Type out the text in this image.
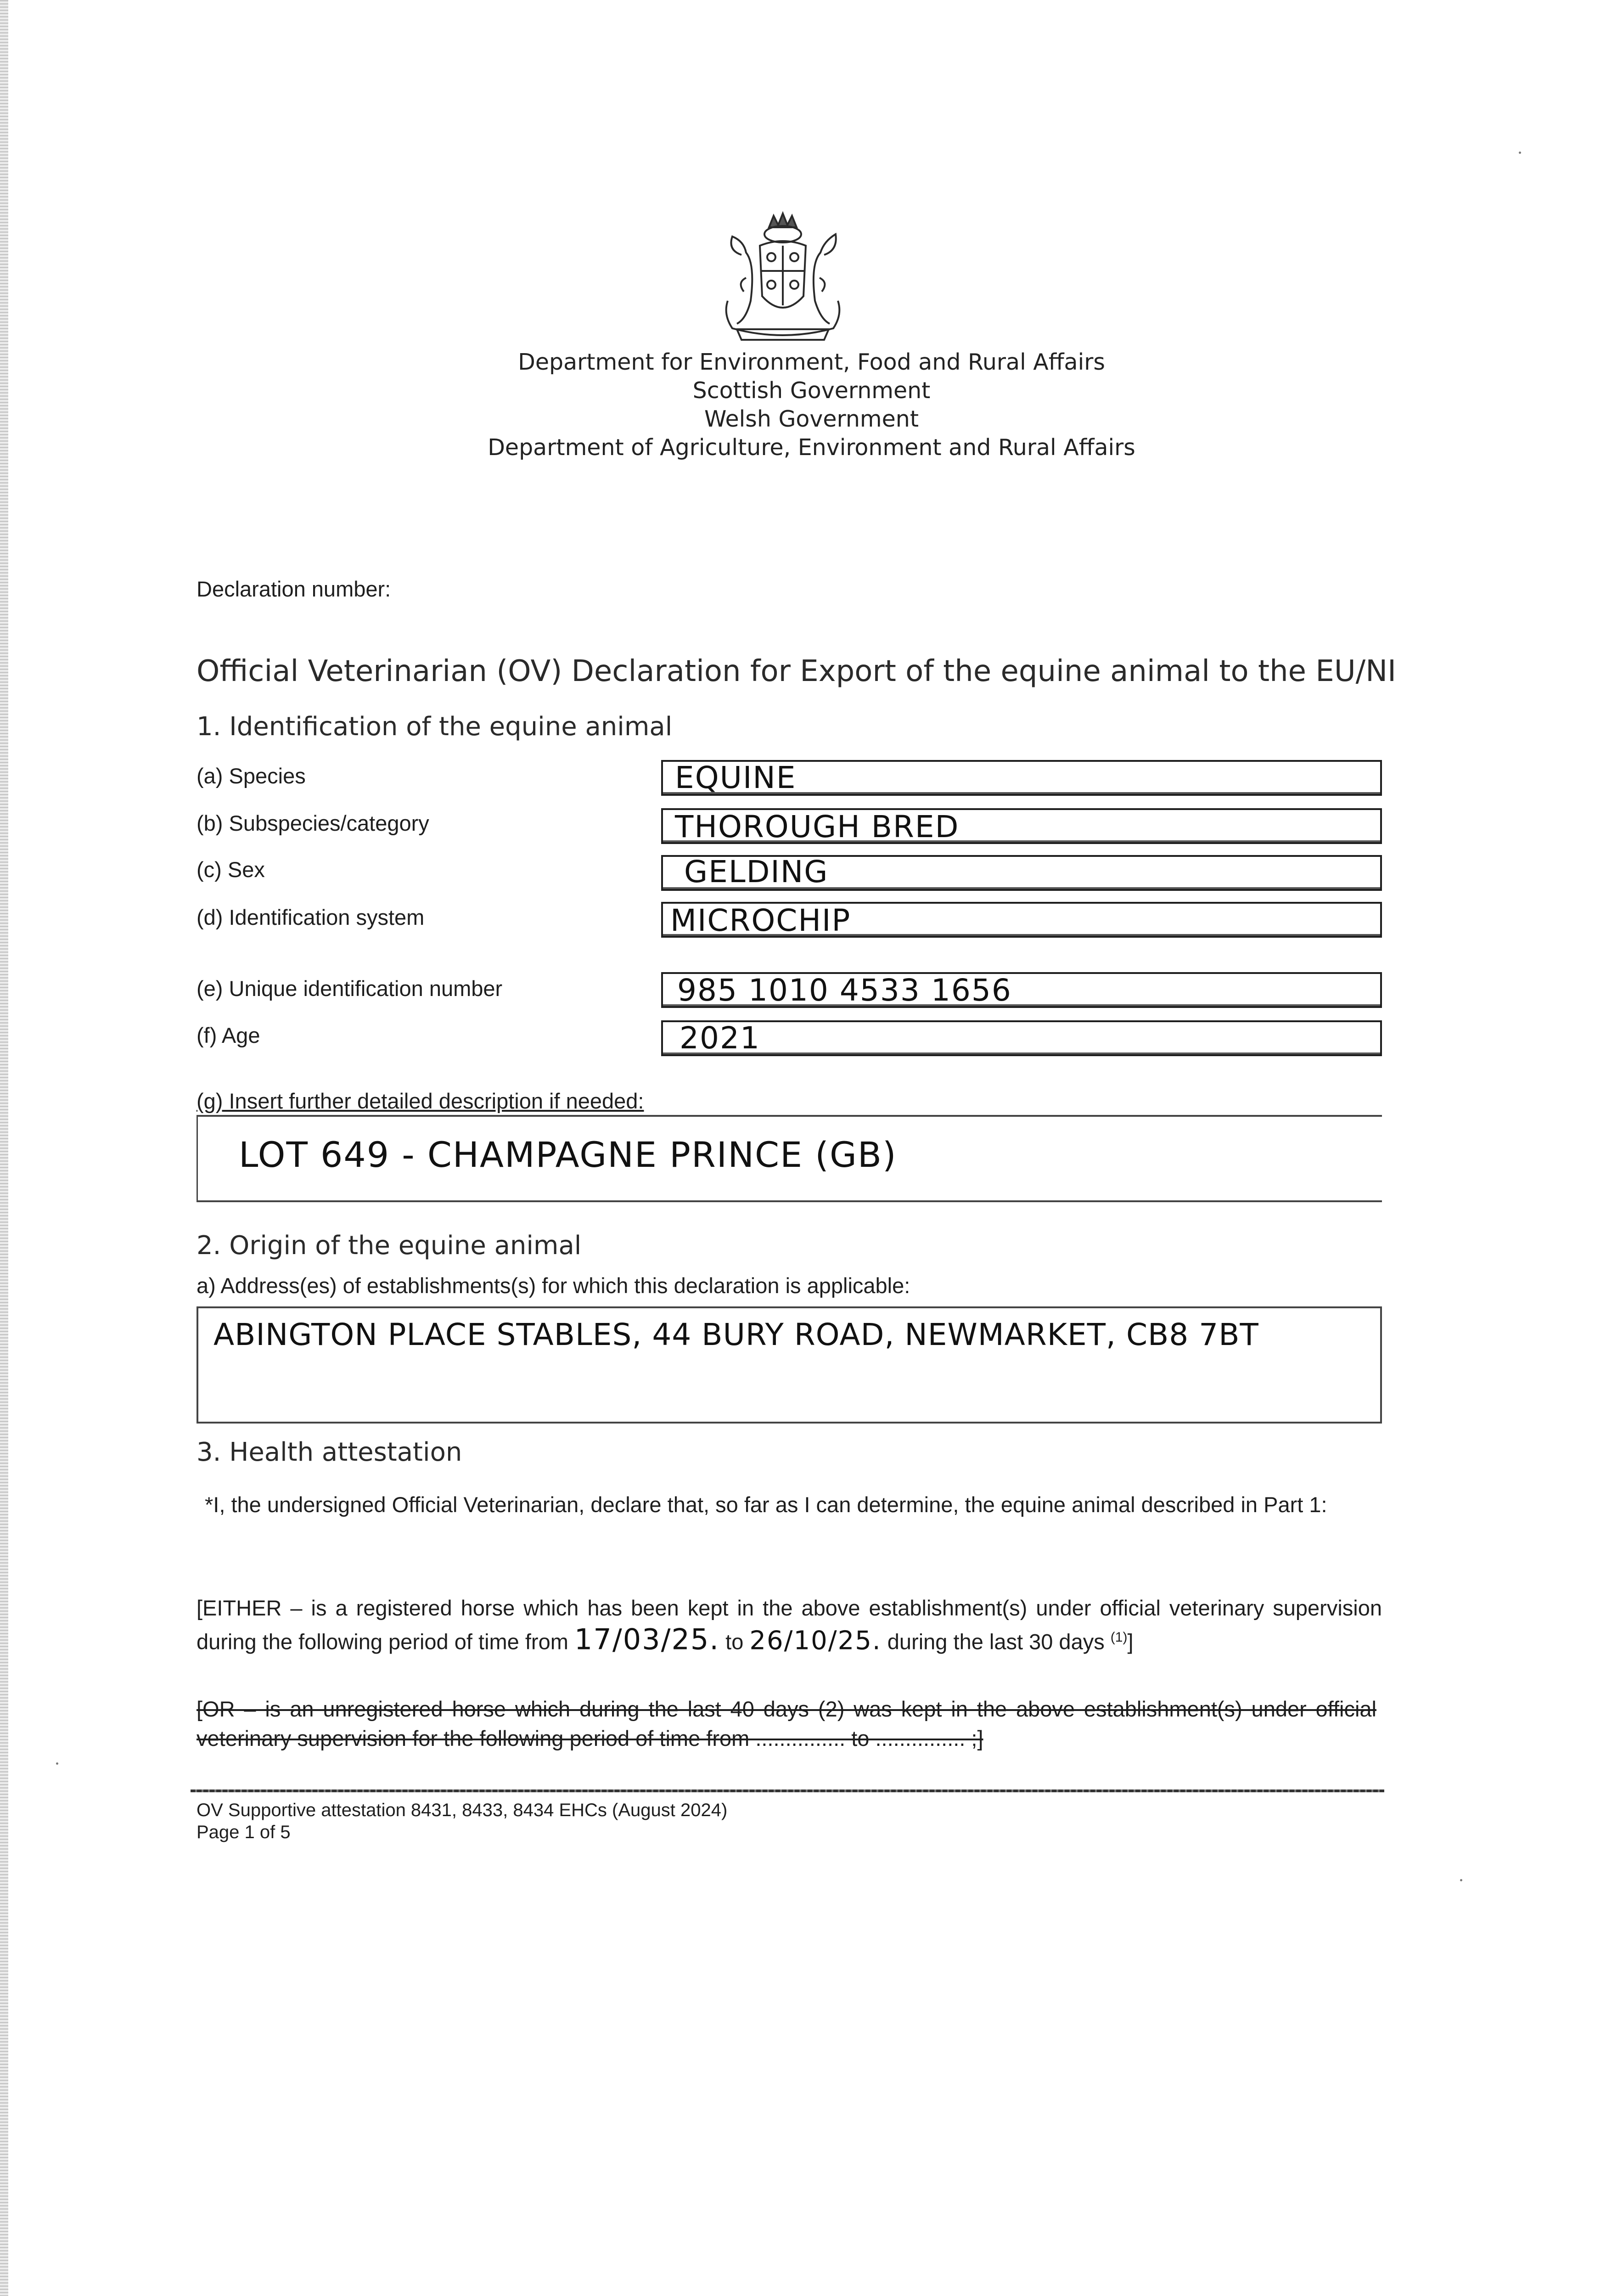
Department for Environment, Food and Rural Affairs
Scottish Government
Welsh Government
Department of Agriculture, Environment and Rural Affairs
Declaration number:
Official Veterinarian (OV) Declaration for Export of the equine animal to the EU/NI
1. Identification of the equine animal
(a) Species	EQUINE
(b) Subspecies/category	THOROUGH BRED
(c) Sex	GELDING
(d) Identification system	MICROCHIP
(e) Unique identification number	985 1010 4533 1656
(f) Age	2021
(g) Insert further detailed description if needed:
LOT 649 - CHAMPAGNE PRINCE (GB)
2. Origin of the equine animal
a) Address(es) of establishments(s) for which this declaration is applicable:
ABINGTON PLACE STABLES, 44 BURY ROAD, NEWMARKET, CB8 7BT
3. Health attestation
*I, the undersigned Official Veterinarian, declare that, so far as I can determine, the equine animal described in Part 1:
[EITHER – is a registered horse which has been kept in the above establishment(s) under official veterinary supervision during the following period of time from 17/03/25. to 26/10/25. during the last 30 days $^{(1)}$]
[OR – is an unregistered horse which during the last 40 days (2) was kept in the above establishment(s) under official veterinary supervision for the following period of time from ............... to ............... ;]
OV Supportive attestation 8431, 8433, 8434 EHCs (August 2024)
Page 1 of 5
